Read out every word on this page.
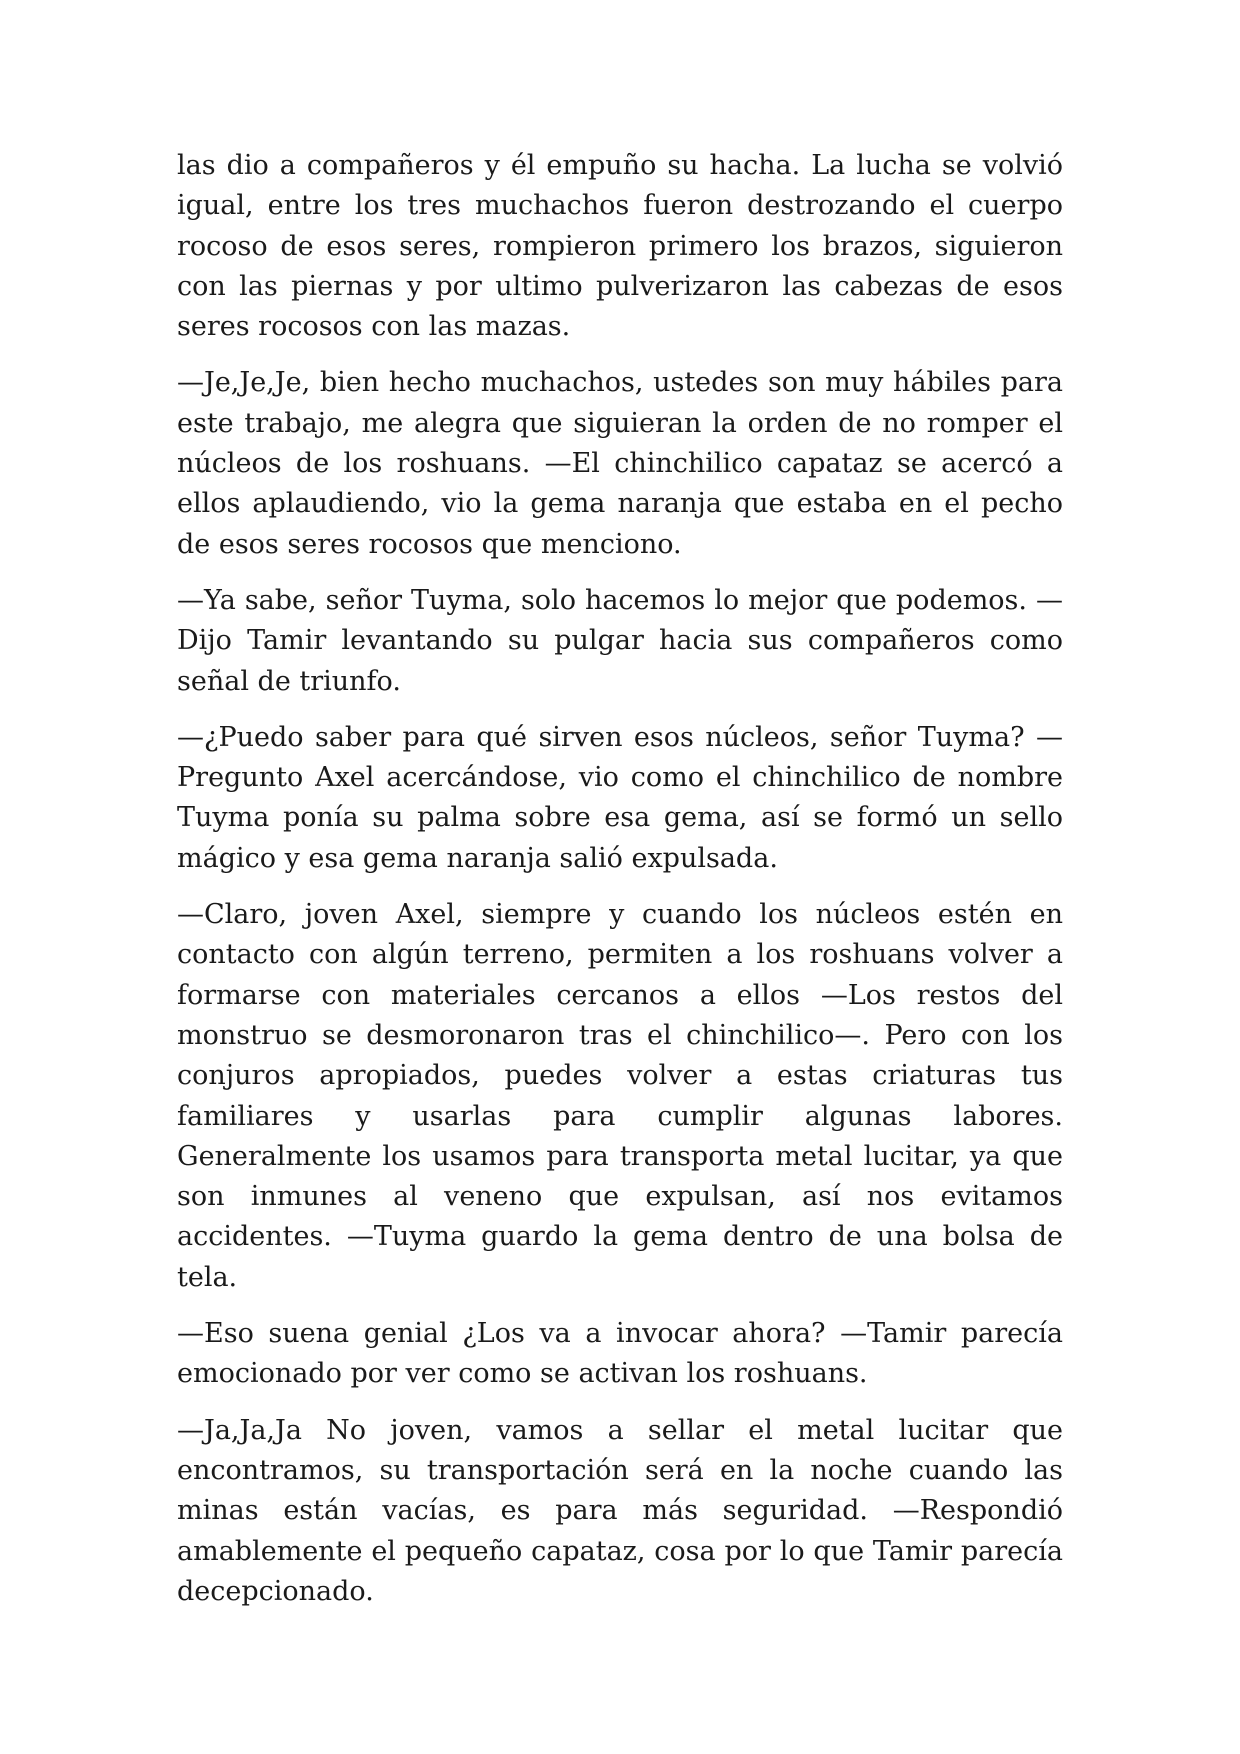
las dio a compañeros y él empuño su hacha. La lucha se volvió igual, entre los tres muchachos fueron destrozando el cuerpo rocoso de esos seres, rompieron primero los brazos, siguieron con las piernas y por ultimo pulverizaron las cabezas de esos seres rocosos con las mazas.

—Je,Je,Je, bien hecho muchachos, ustedes son muy hábiles para este trabajo, me alegra que siguieran la orden de no romper el núcleos de los roshuans. —El chinchilico capataz se acercó a ellos aplaudiendo, vio la gema naranja que estaba en el pecho de esos seres rocosos que menciono.

—Ya sabe, señor Tuyma, solo hacemos lo mejor que podemos. —Dijo Tamir levantando su pulgar hacia sus compañeros como señal de triunfo.

—¿Puedo saber para qué sirven esos núcleos, señor Tuyma? —Pregunto Axel acercándose, vio como el chinchilico de nombre Tuyma ponía su palma sobre esa gema, así se formó un sello mágico y esa gema naranja salió expulsada.

—Claro, joven Axel, siempre y cuando los núcleos estén en contacto con algún terreno, permiten a los roshuans volver a formarse con materiales cercanos a ellos —Los restos del monstruo se desmoronaron tras el chinchilico—. Pero con los conjuros apropiados, puedes volver a estas criaturas tus familiares y usarlas para cumplir algunas labores. Generalmente los usamos para transporta metal lucitar, ya que son inmunes al veneno que expulsan, así nos evitamos accidentes. —Tuyma guardo la gema dentro de una bolsa de tela.

—Eso suena genial ¿Los va a invocar ahora? —Tamir parecía emocionado por ver como se activan los roshuans.

—Ja,Ja,Ja No joven, vamos a sellar el metal lucitar que encontramos, su transportación será en la noche cuando las minas están vacías, es para más seguridad. —Respondió amablemente el pequeño capataz, cosa por lo que Tamir parecía decepcionado.
